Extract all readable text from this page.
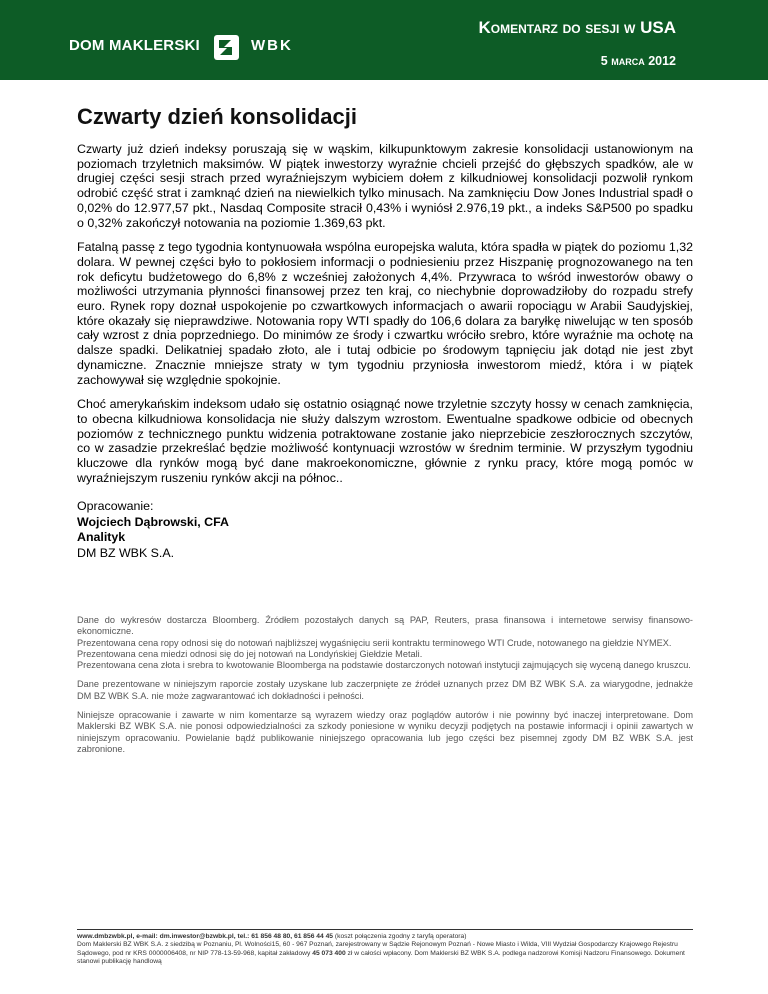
DOM MAKLERSKI	WBK
Komentarz do sesji w USA
5 marca 2012
Czwarty dzień konsolidacji

Czwarty już dzień indeksy poruszają się w wąskim, kilkupunktowym zakresie konsolidacji ustanowionym na poziomach trzyletnich maksimów. W piątek inwestorzy wyraźnie chcieli przejść do głębszych spadków, ale w drugiej części sesji strach przed wyraźniejszym wybiciem dołem z kilkudniowej konsolidacji pozwolił rynkom odrobić część strat i zamknąć dzień na niewielkich tylko minusach. Na zamknięciu Dow Jones Industrial spadł o 0,02% do 12.977,57 pkt., Nasdaq Composite stracił 0,43% i wyniósł 2.976,19 pkt., a indeks S&P500 po spadku o 0,32% zakończył notowania na poziomie 1.369,63 pkt.

Fatalną passę z tego tygodnia kontynuowała wspólna europejska waluta, która spadła w piątek do poziomu 1,32 dolara. W pewnej części było to pokłosiem informacji o podniesieniu przez Hiszpanię prognozowanego na ten rok deficytu budżetowego do 6,8% z wcześniej założonych 4,4%. Przywraca to wśród inwestorów obawy o możliwości utrzymania płynności finansowej przez ten kraj, co niechybnie doprowadziłoby do rozpadu strefy euro. Rynek ropy doznał uspokojenie po czwartkowych informacjach o awarii ropociągu w Arabii Saudyjskiej, które okazały się nieprawdziwe. Notowania ropy WTI spadły do 106,6 dolara za baryłkę niwelując w ten sposób cały wzrost z dnia poprzedniego. Do minimów ze środy i czwartku wróciło srebro, które wyraźnie ma ochotę na dalsze spadki. Delikatniej spadało złoto, ale i tutaj odbicie po środowym tąpnięciu jak dotąd nie jest zbyt dynamiczne. Znacznie mniejsze straty w tym tygodniu przyniosła inwestorom miedź, która i w piątek zachowywał się względnie spokojnie.

Choć amerykańskim indeksom udało się ostatnio osiągnąć nowe trzyletnie szczyty hossy w cenach zamknięcia, to obecna kilkudniowa konsolidacja nie służy dalszym wzrostom. Ewentualne spadkowe odbicie od obecnych poziomów z technicznego punktu widzenia potraktowane zostanie jako nieprzebicie zeszłorocznych szczytów, co w zasadzie przekreślać będzie możliwość kontynuacji wzrostów w średnim terminie. W przyszłym tygodniu kluczowe dla rynków mogą być dane makroekonomiczne, głównie z rynku pracy, które mogą pomóc w wyraźniejszym ruszeniu rynków akcji na północ..

Opracowanie:
Wojciech Dąbrowski, CFA
Analityk
DM BZ WBK S.A.

Dane do wykresów dostarcza Bloomberg. Źródłem pozostałych danych są PAP, Reuters, prasa finansowa i internetowe serwisy finansowo-ekonomiczne.
Prezentowana cena ropy odnosi się do notowań najbliższej wygaśnięciu serii kontraktu terminowego WTI Crude, notowanego na giełdzie NYMEX.
Prezentowana cena miedzi odnosi się do jej notowań na Londyńskiej Giełdzie Metali.
Prezentowana cena złota i srebra to kwotowanie Bloomberga na podstawie dostarczonych notowań instytucji zajmujących się wyceną danego kruszcu.

Dane prezentowane w niniejszym raporcie zostały uzyskane lub zaczerpnięte ze źródeł uznanych przez DM BZ WBK S.A. za wiarygodne, jednakże DM BZ WBK S.A. nie może zagwarantować ich dokładności i pełności.

Niniejsze opracowanie i zawarte w nim komentarze są wyrazem wiedzy oraz poglądów autorów i nie powinny być inaczej interpretowane. Dom Maklerski BZ WBK S.A. nie ponosi odpowiedzialności za szkody poniesione w wyniku decyzji podjętych na postawie informacji i opinii zawartych w niniejszym opracowaniu. Powielanie bądź publikowanie niniejszego opracowania lub jego części bez pisemnej zgody DM BZ WBK S.A. jest zabronione.

www.dmbzwbk.pl, e-mail: dm.inwestor@bzwbk.pl, tel.: 61 856 48 80, 61 856 44 45 (koszt połączenia zgodny z taryfą operatora)
Dom Maklerski BZ WBK S.A. z siedzibą w Poznaniu, Pl. Wolności15, 60 - 967 Poznań, zarejestrowany w Sądzie Rejonowym Poznań - Nowe Miasto i Wilda, VIII Wydział Gospodarczy Krajowego Rejestru Sądowego, pod nr KRS 0000006408, nr NIP 778-13-59-968, kapitał zakładowy 45 073 400 zł w całości wpłacony. Dom Maklerski BZ WBK S.A. podlega nadzorowi Komisji Nadzoru Finansowego. Dokument stanowi publikację handlową
